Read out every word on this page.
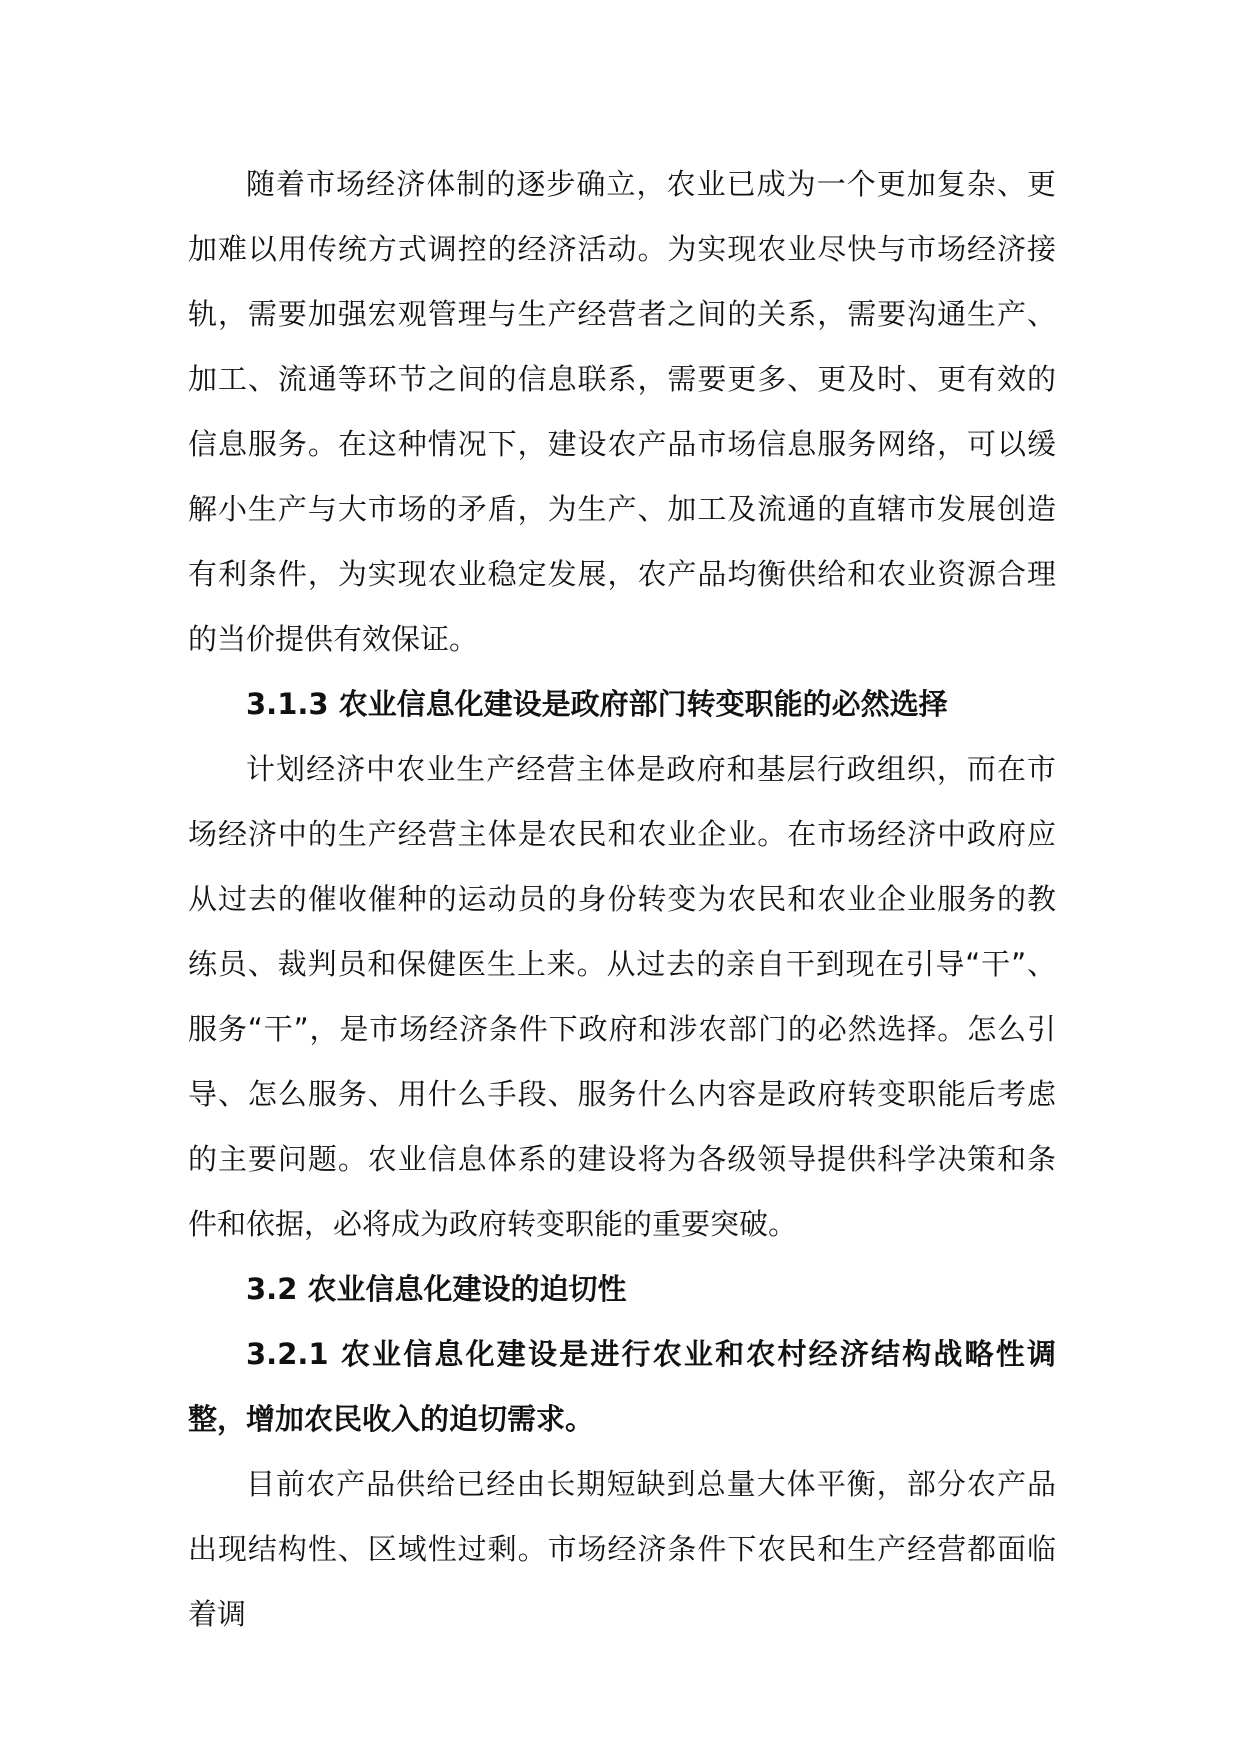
随着市场经济体制的逐步确立，农业已成为一个更加复杂、更加难以用传统方式调控的经济活动。为实现农业尽快与市场经济接轨，需要加强宏观管理与生产经营者之间的关系，需要沟通生产、加工、流通等环节之间的信息联系，需要更多、更及时、更有效的信息服务。在这种情况下，建设农产品市场信息服务网络，可以缓解小生产与大市场的矛盾，为生产、加工及流通的直辖市发展创造有利条件，为实现农业稳定发展，农产品均衡供给和农业资源合理的当价提供有效保证。

3.1.3 农业信息化建设是政府部门转变职能的必然选择

计划经济中农业生产经营主体是政府和基层行政组织，而在市场经济中的生产经营主体是农民和农业企业。在市场经济中政府应从过去的催收催种的运动员的身份转变为农民和农业企业服务的教练员、裁判员和保健医生上来。从过去的亲自干到现在引导“干”、服务“干”，是市场经济条件下政府和涉农部门的必然选择。怎么引导、怎么服务、用什么手段、服务什么内容是政府转变职能后考虑的主要问题。农业信息体系的建设将为各级领导提供科学决策和条件和依据，必将成为政府转变职能的重要突破。

3.2 农业信息化建设的迫切性
3.2.1 农业信息化建设是进行农业和农村经济结构战略性调整，增加农民收入的迫切需求。

目前农产品供给已经由长期短缺到总量大体平衡，部分农产品出现结构性、区域性过剩。市场经济条件下农民和生产经营都面临着调
